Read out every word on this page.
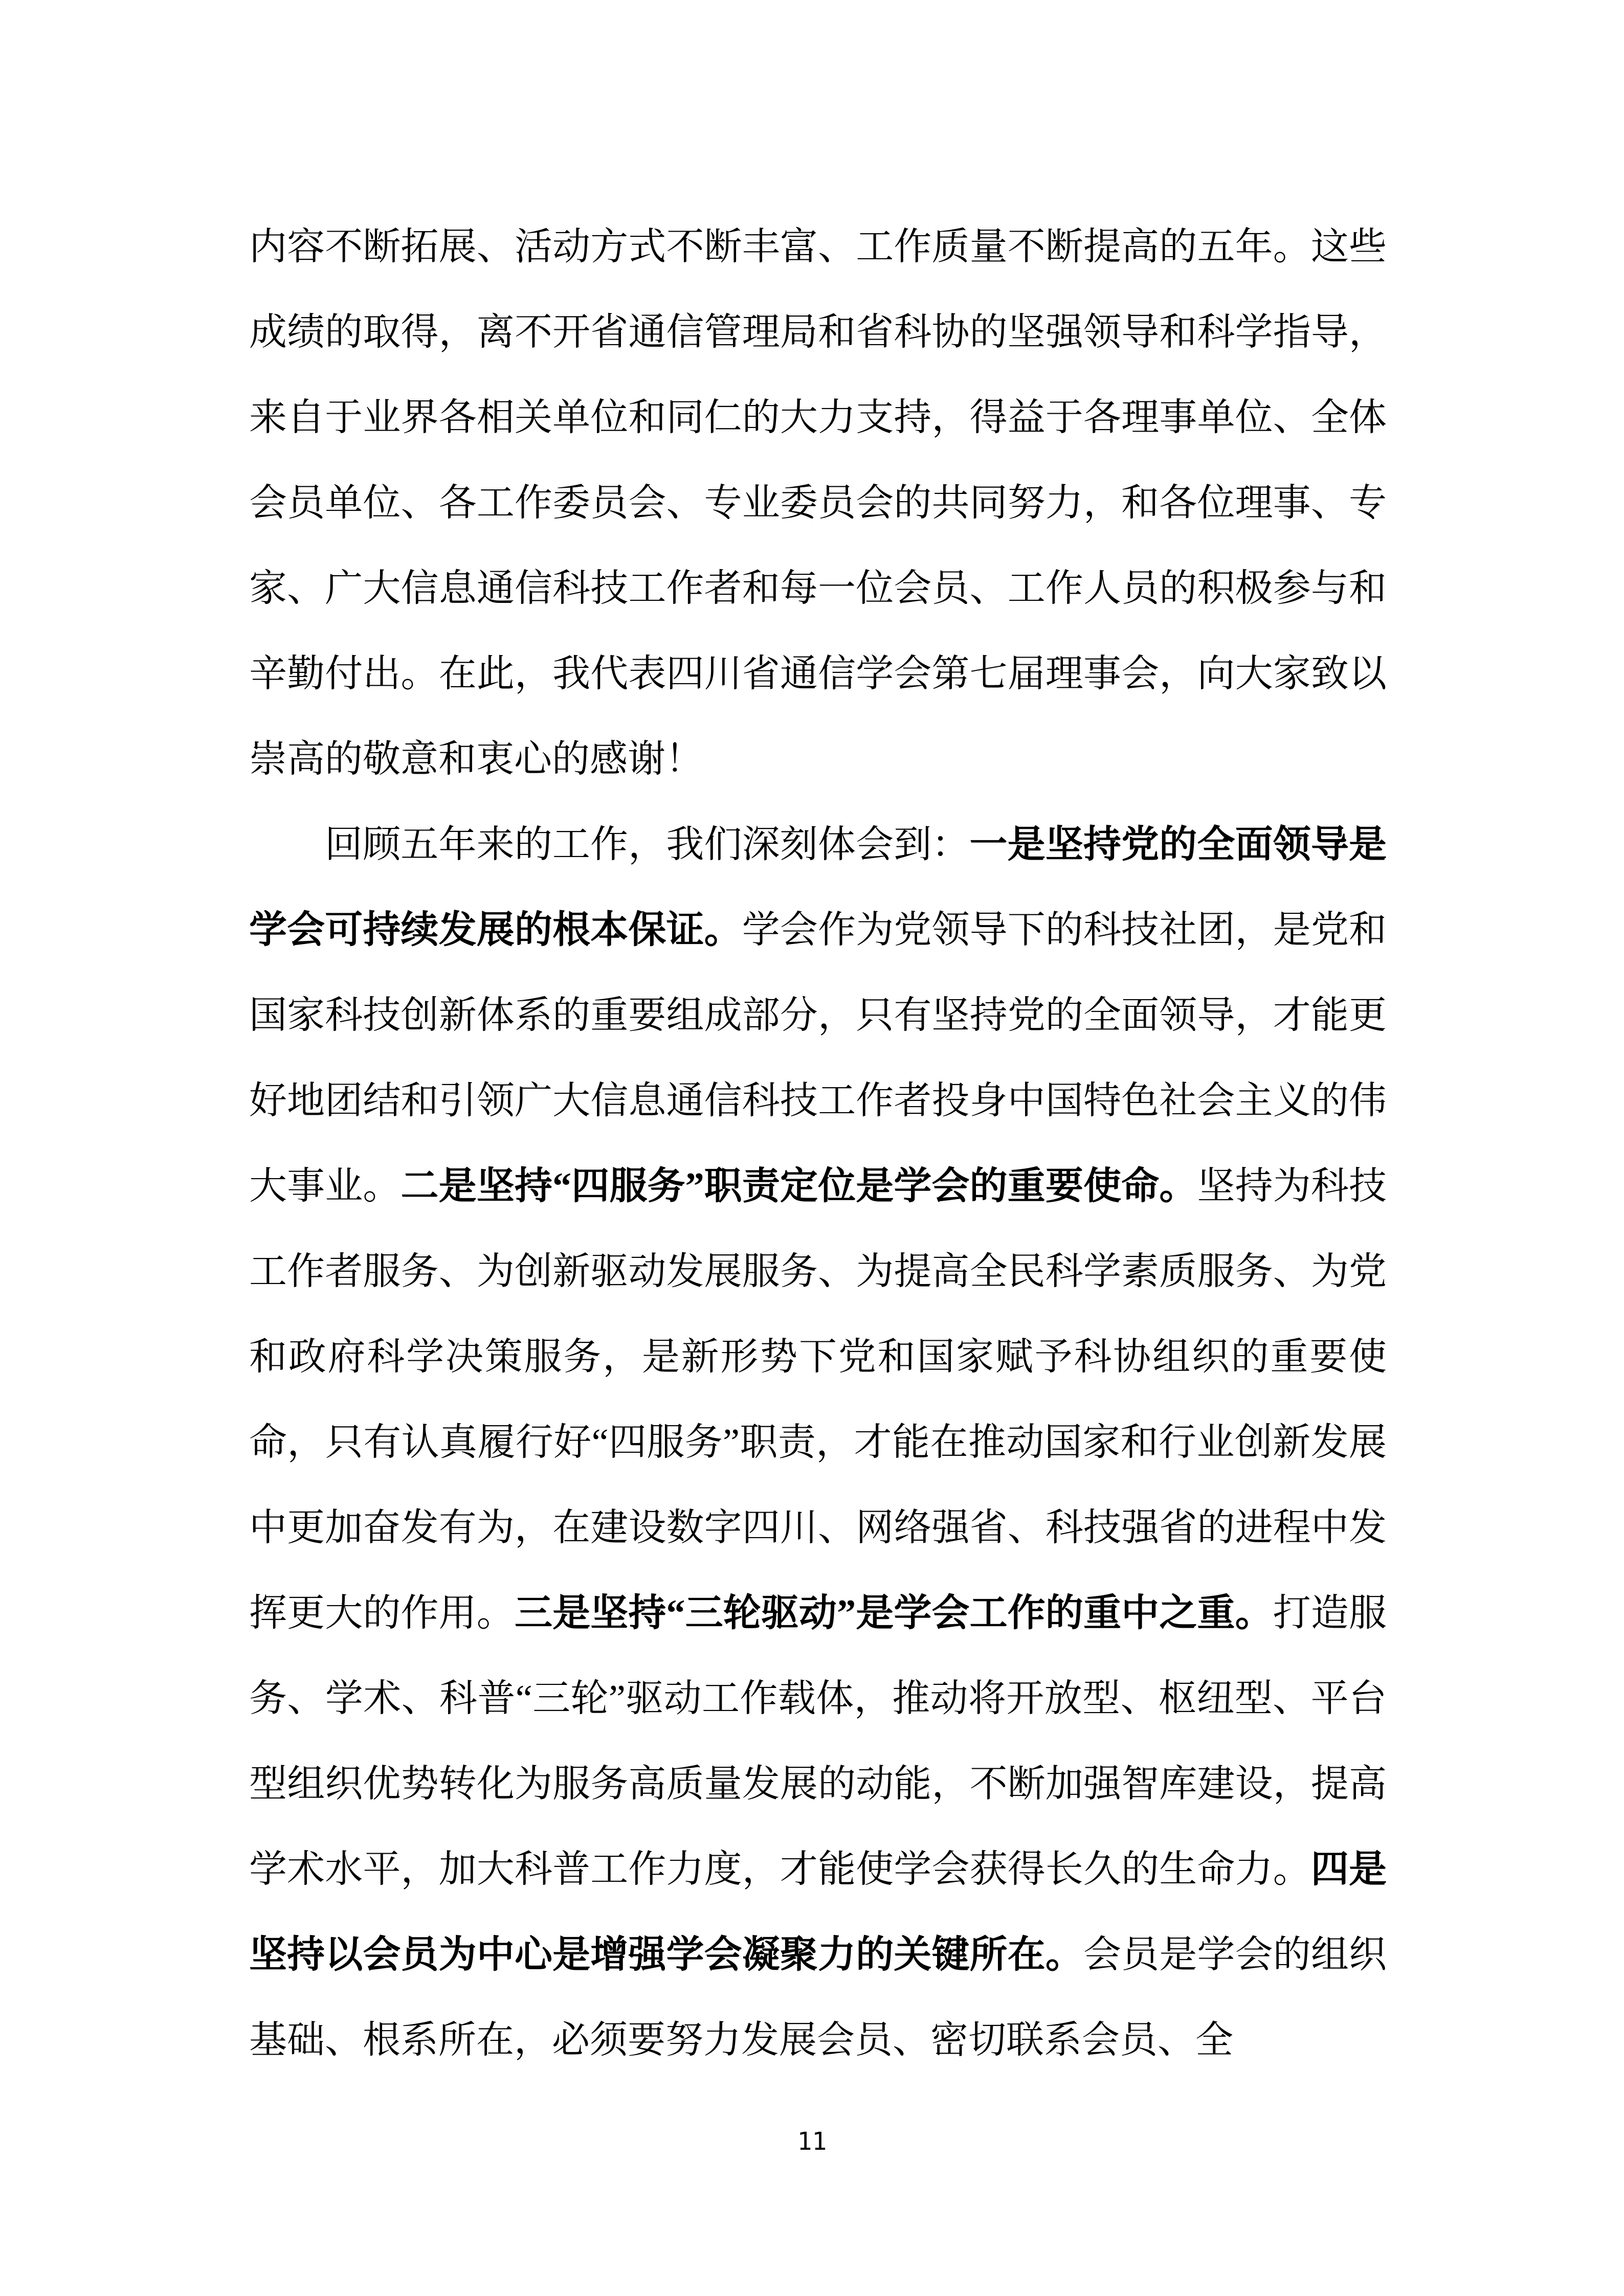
内容不断拓展、活动方式不断丰富、工作质量不断提高的五年。这些成绩的取得，离不开省通信管理局和省科协的坚强领导和科学指导，来自于业界各相关单位和同仁的大力支持，得益于各理事单位、全体会员单位、各工作委员会、专业委员会的共同努力，和各位理事、专家、广大信息通信科技工作者和每一位会员、工作人员的积极参与和辛勤付出。在此，我代表四川省通信学会第七届理事会，向大家致以崇高的敬意和衷心的感谢！

回顾五年来的工作，我们深刻体会到：一是坚持党的全面领导是学会可持续发展的根本保证。学会作为党领导下的科技社团，是党和国家科技创新体系的重要组成部分，只有坚持党的全面领导，才能更好地团结和引领广大信息通信科技工作者投身中国特色社会主义的伟大事业。二是坚持“四服务”职责定位是学会的重要使命。坚持为科技工作者服务、为创新驱动发展服务、为提高全民科学素质服务、为党和政府科学决策服务，是新形势下党和国家赋予科协组织的重要使命，只有认真履行好“四服务”职责，才能在推动国家和行业创新发展中更加奋发有为，在建设数字四川、网络强省、科技强省的进程中发挥更大的作用。三是坚持“三轮驱动”是学会工作的重中之重。打造服务、学术、科普“三轮”驱动工作载体，推动将开放型、枢纽型、平台型组织优势转化为服务高质量发展的动能，不断加强智库建设，提高学术水平，加大科普工作力度，才能使学会获得长久的生命力。四是坚持以会员为中心是增强学会凝聚力的关键所在。会员是学会的组织基础、根系所在，必须要努力发展会员、密切联系会员、全

11
